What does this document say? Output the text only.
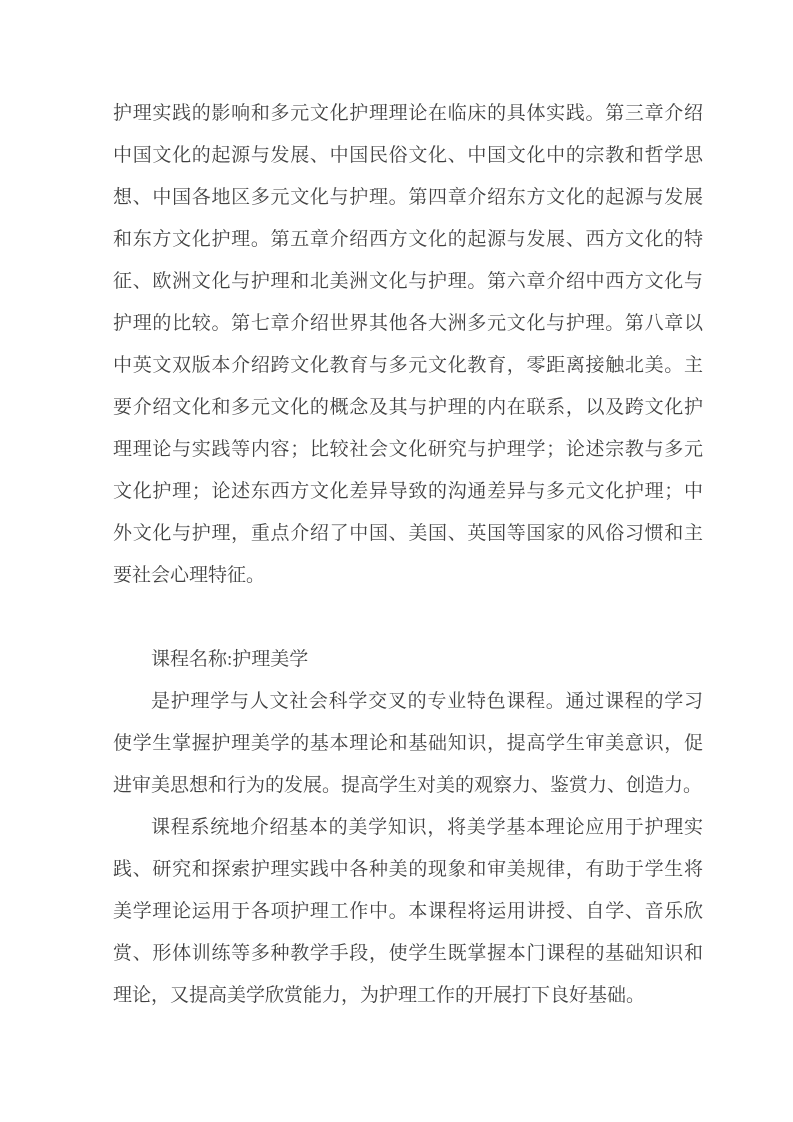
护理实践的影响和多元文化护理理论在临床的具体实践。第三章介绍
中国文化的起源与发展、中国民俗文化、中国文化中的宗教和哲学思
想、中国各地区多元文化与护理。第四章介绍东方文化的起源与发展
和东方文化护理。第五章介绍西方文化的起源与发展、西方文化的特
征、欧洲文化与护理和北美洲文化与护理。第六章介绍中西方文化与
护理的比较。第七章介绍世界其他各大洲多元文化与护理。第八章以
中英文双版本介绍跨文化教育与多元文化教育，零距离接触北美。主
要介绍文化和多元文化的概念及其与护理的内在联系，以及跨文化护
理理论与实践等内容；比较社会文化研究与护理学；论述宗教与多元
文化护理；论述东西方文化差异导致的沟通差异与多元文化护理；中
外文化与护理，重点介绍了中国、美国、英国等国家的风俗习惯和主
要社会心理特征。
课程名称:护理美学
是护理学与人文社会科学交叉的专业特色课程。通过课程的学习
使学生掌握护理美学的基本理论和基础知识，提高学生审美意识，促
进审美思想和行为的发展。提高学生对美的观察力、鉴赏力、创造力。
课程系统地介绍基本的美学知识，将美学基本理论应用于护理实
践、研究和探索护理实践中各种美的现象和审美规律，有助于学生将
美学理论运用于各项护理工作中。本课程将运用讲授、自学、音乐欣
赏、形体训练等多种教学手段，使学生既掌握本门课程的基础知识和
理论，又提高美学欣赏能力，为护理工作的开展打下良好基础。
